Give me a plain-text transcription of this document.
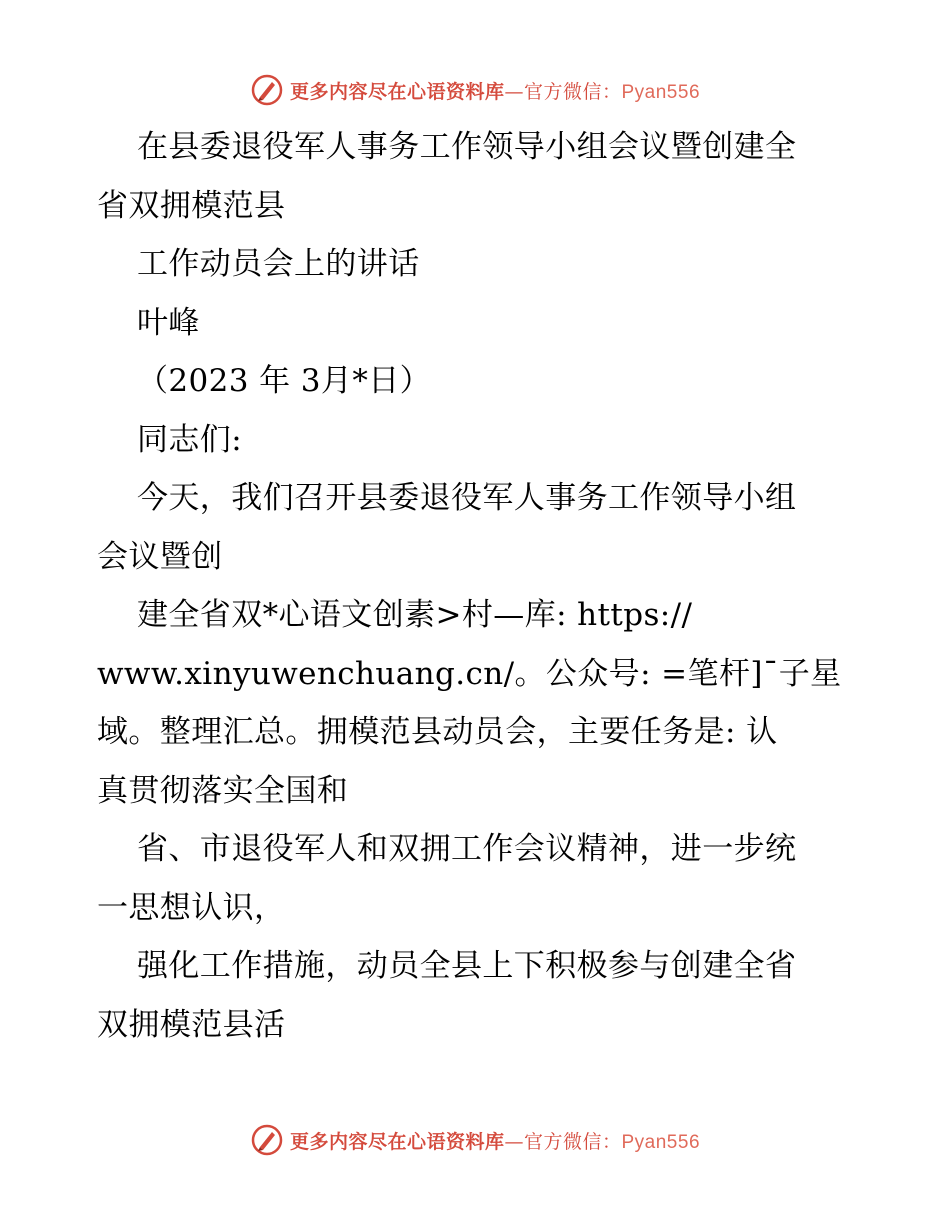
更多内容尽在心语资料库—官方微信：Pyan556
在县委退役军人事务工作领导小组会议暨创建全
省双拥模范县
工作动员会上的讲话
叶峰
（2023 年 3月*日）
同志们:
今天，我们召开县委退役军人事务工作领导小组
会议暨创
建全省双*心语文创素>村—库: https://
www.xinyuwenchuang.cn/。公众号: =笔杆]¯子星
域。整理汇总。拥模范县动员会，主要任务是: 认
真贯彻落实全国和
省、市退役军人和双拥工作会议精神，进一步统
一思想认识，
强化工作措施，动员全县上下积极参与创建全省
双拥模范县活
更多内容尽在心语资料库—官方微信：Pyan556
